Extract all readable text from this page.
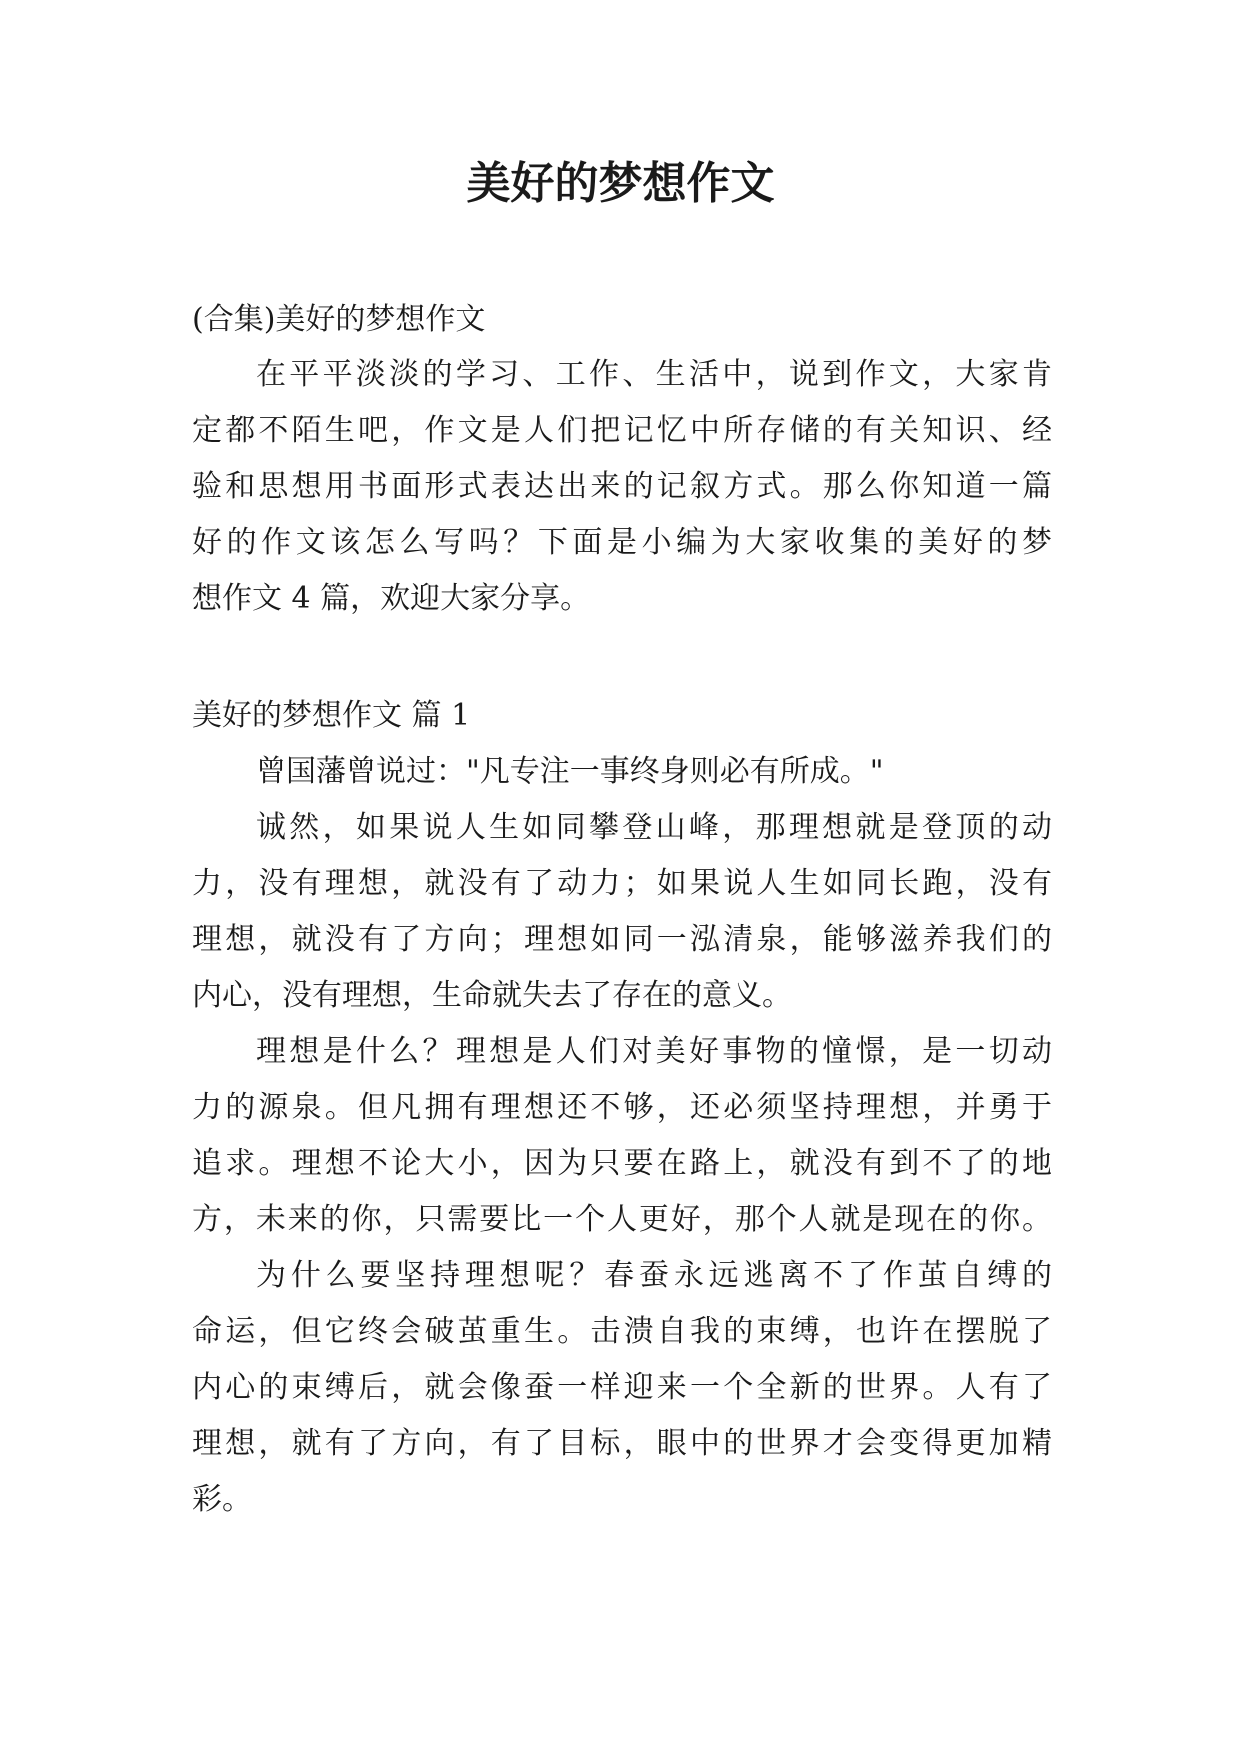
美好的梦想作文
(合集)美好的梦想作文
在平平淡淡的学习、工作、生活中，说到作文，大家肯
定都不陌生吧，作文是人们把记忆中所存储的有关知识、经
验和思想用书面形式表达出来的记叙方式。那么你知道一篇
好的作文该怎么写吗？下面是小编为大家收集的美好的梦
想作文 4 篇，欢迎大家分享。
美好的梦想作文 篇 1
曾国藩曾说过："凡专注一事终身则必有所成。"
诚然，如果说人生如同攀登山峰，那理想就是登顶的动
力，没有理想，就没有了动力；如果说人生如同长跑，没有
理想，就没有了方向；理想如同一泓清泉，能够滋养我们的
内心，没有理想，生命就失去了存在的意义。
理想是什么？理想是人们对美好事物的憧憬，是一切动
力的源泉。但凡拥有理想还不够，还必须坚持理想，并勇于
追求。理想不论大小，因为只要在路上，就没有到不了的地
方，未来的你，只需要比一个人更好，那个人就是现在的你。
为什么要坚持理想呢？春蚕永远逃离不了作茧自缚的
命运，但它终会破茧重生。击溃自我的束缚，也许在摆脱了
内心的束缚后，就会像蚕一样迎来一个全新的世界。人有了
理想，就有了方向，有了目标，眼中的世界才会变得更加精
彩。
